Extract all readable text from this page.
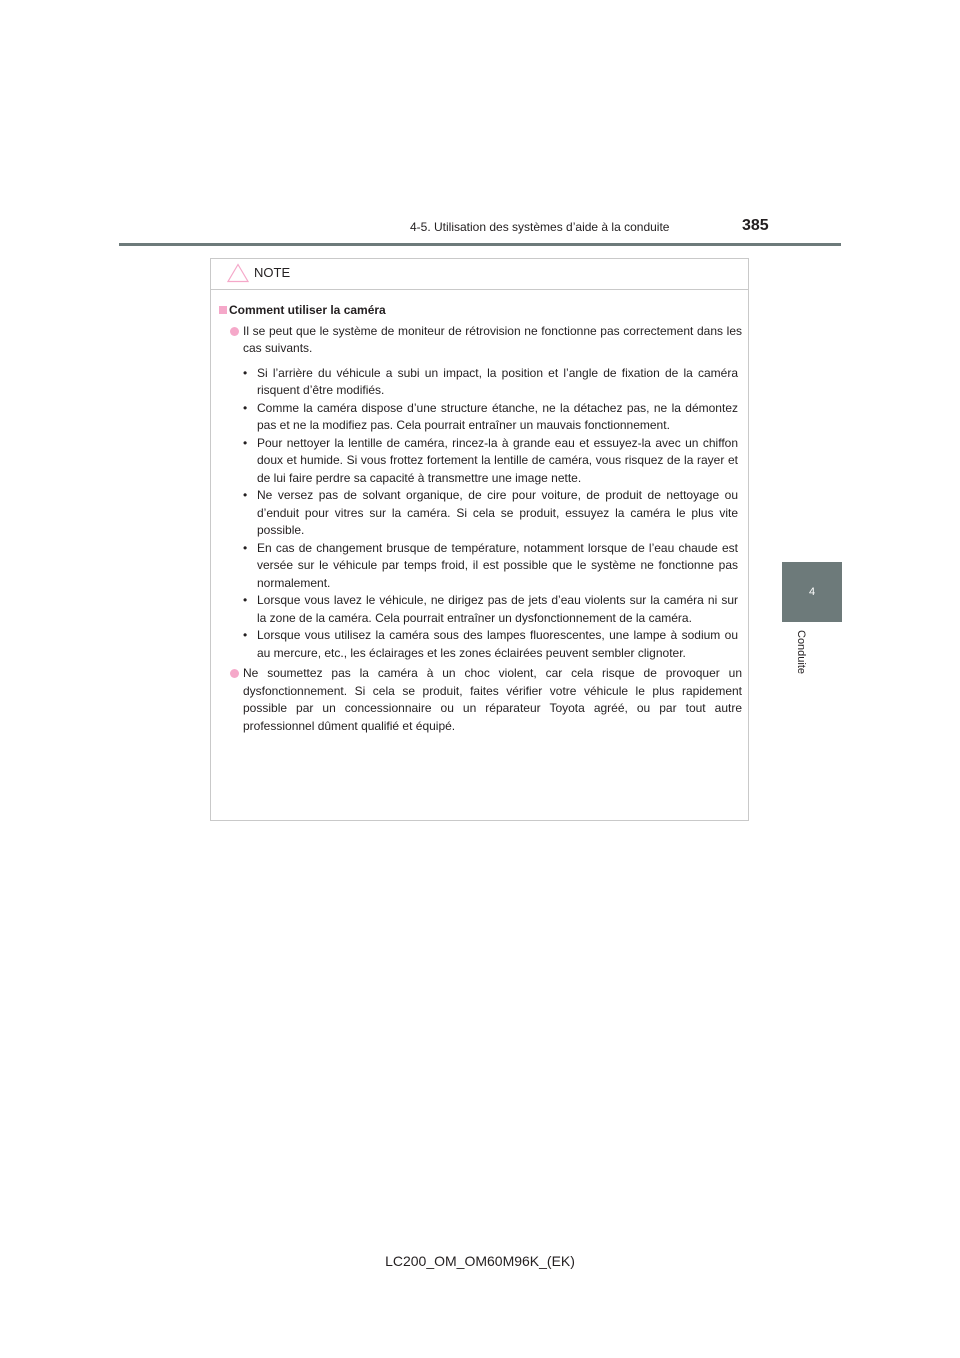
4-5. Utilisation des systèmes d’aide à la conduite	385
4
Conduite
NOTE
Comment utiliser la caméra
Il se peut que le système de moniteur de rétrovision ne fonctionne pas correctement dans les cas suivants.
• Si l’arrière du véhicule a subi un impact, la position et l’angle de fixation de la caméra risquent d’être modifiés.
• Comme la caméra dispose d’une structure étanche, ne la détachez pas, ne la démontez pas et ne la modifiez pas. Cela pourrait entraîner un mauvais fonctionnement.
• Pour nettoyer la lentille de caméra, rincez-la à grande eau et essuyez-la avec un chiffon doux et humide. Si vous frottez fortement la lentille de caméra, vous risquez de la rayer et de lui faire perdre sa capacité à transmettre une image nette.
• Ne versez pas de solvant organique, de cire pour voiture, de produit de nettoyage ou d’enduit pour vitres sur la caméra. Si cela se produit, essuyez la caméra le plus vite possible.
• En cas de changement brusque de température, notamment lorsque de l’eau chaude est versée sur le véhicule par temps froid, il est possible que le système ne fonctionne pas normalement.
• Lorsque vous lavez le véhicule, ne dirigez pas de jets d’eau violents sur la caméra ni sur la zone de la caméra. Cela pourrait entraîner un dysfonctionnement de la caméra.
• Lorsque vous utilisez la caméra sous des lampes fluorescentes, une lampe à sodium ou au mercure, etc., les éclairages et les zones éclairées peuvent sembler clignoter.
Ne soumettez pas la caméra à un choc violent, car cela risque de provoquer un dysfonctionnement. Si cela se produit, faites vérifier votre véhicule le plus rapidement possible par un concessionnaire ou un réparateur Toyota agréé, ou par tout autre professionnel dûment qualifié et équipé.
LC200_OM_OM60M96K_(EK)
